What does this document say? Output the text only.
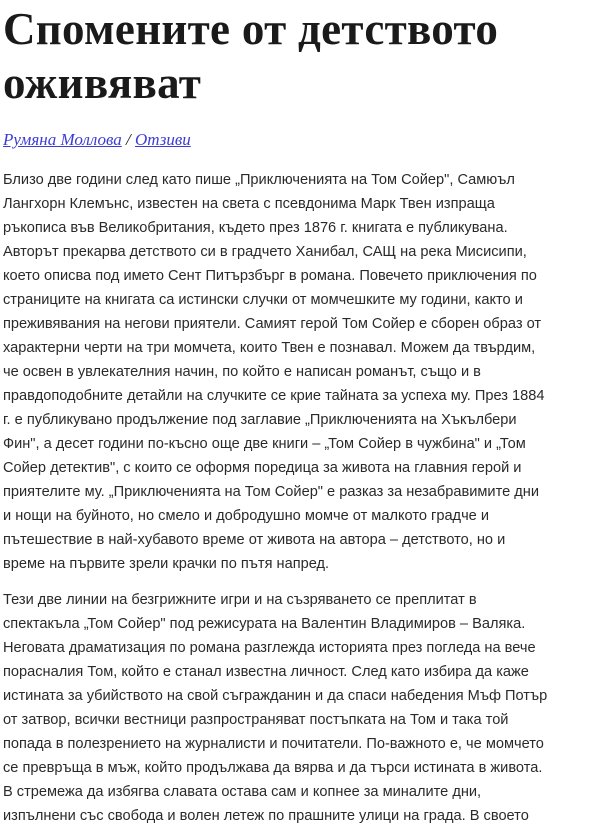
Спомените от детството
оживяват
Румяна Моллова / Отзиви

Близо две години след като пише „Приключенията на Том Сойер", Самюъл
Лангхорн Клемънс, известен на света с псевдонима Марк Твен изпраща
ръкописа във Великобритания, където през 1876 г. книгата е публикувана.
Авторът прекарва детството си в градчето Ханибал, САЩ на река Мисисипи,
което описва под името Сент Питързбърг в романа. Повечето приключения по
страниците на книгата са истински случки от момчешките му години, както и
преживявания на негови приятели. Самият герой Том Сойер е сборен образ от
характерни черти на три момчета, които Твен е познавал. Можем да твърдим,
че освен в увлекателния начин, по който е написан романът, също и в
правдоподобните детайли на случките се крие тайната за успеха му. През 1884
г. е публикувано продължение под заглавие „Приключенията на Хъкълбери
Фин", а десет години по-късно още две книги – „Том Сойер в чужбина" и „Том
Сойер детектив", с които се оформя поредица за живота на главния герой и
приятелите му. „Приключенията на Том Сойер" е разказ за незабравимите дни
и нощи на буйното, но смело и добродушно момче от малкото градче и
пътешествие в най-хубавото време от живота на автора – детството, но и
време на първите зрели крачки по пътя напред.

Тези две линии на безгрижните игри и на съзряването се преплитат в
спектакъла „Том Сойер" под режисурата на Валентин Владимиров – Валяка.
Неговата драматизация по романа разглежда историята през погледа на вече
порасналия Том, който е станал известна личност. След като избира да каже
истината за убийството на свой съгражданин и да спаси набедения Мъф Потър
от затвор, всички вестници разпространяват постъпката на Том и така той
попада в полезрението на журналисти и почитатели. По-важното е, че момчето
се превръща в мъж, който продължава да вярва и да търси истината в живота.
В стремежа да избягва славата остава сам и копнее за миналите дни,
изпълнени със свобода и волен летеж по прашните улици на града. В своето
